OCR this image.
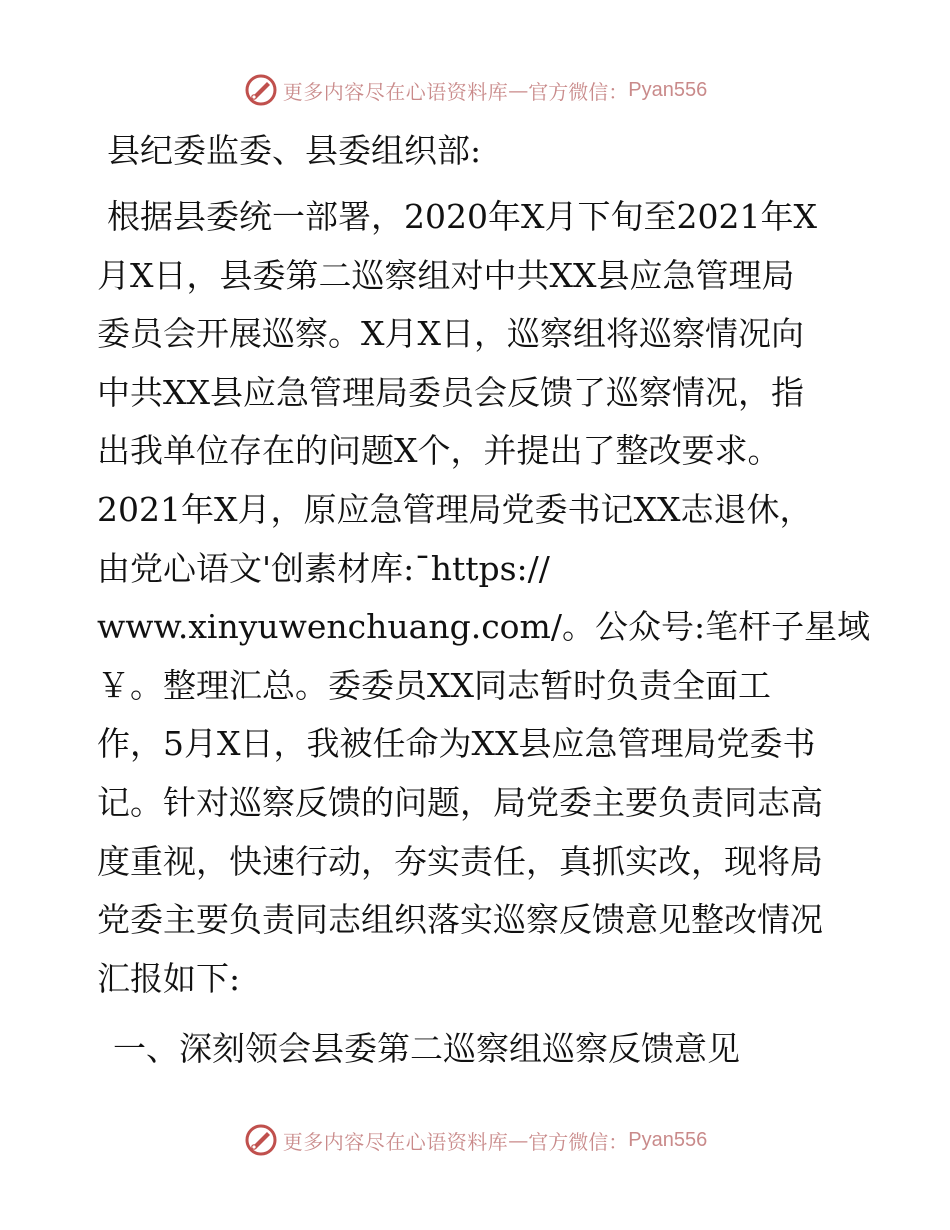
更多内容尽在心语资料库 — 官方微信： Pyan556
县纪委监委、县委组织部:
根据县委统一部署，2020年X月下旬至2021年X
月X日，县委第二巡察组对中共XX县应急管理局
委员会开展巡察。X月X日，巡察组将巡察情况向
中共XX县应急管理局委员会反馈了巡察情况，指
出我单位存在的问题X个，并提出了整改要求。
2021年X月，原应急管理局党委书记XX志退休，
由党心语文'创素材库:¯https://
www.xinyuwenchuang.com/。公众号:笔杆子星域
￥。整理汇总。委委员XX同志暂时负责全面工
作，5月X日，我被任命为XX县应急管理局党委书
记。针对巡察反馈的问题，局党委主要负责同志高
度重视，快速行动，夯实责任，真抓实改，现将局
党委主要负责同志组织落实巡察反馈意见整改情况
汇报如下:
一、深刻领会县委第二巡察组巡察反馈意见
更多内容尽在心语资料库 — 官方微信： Pyan556
